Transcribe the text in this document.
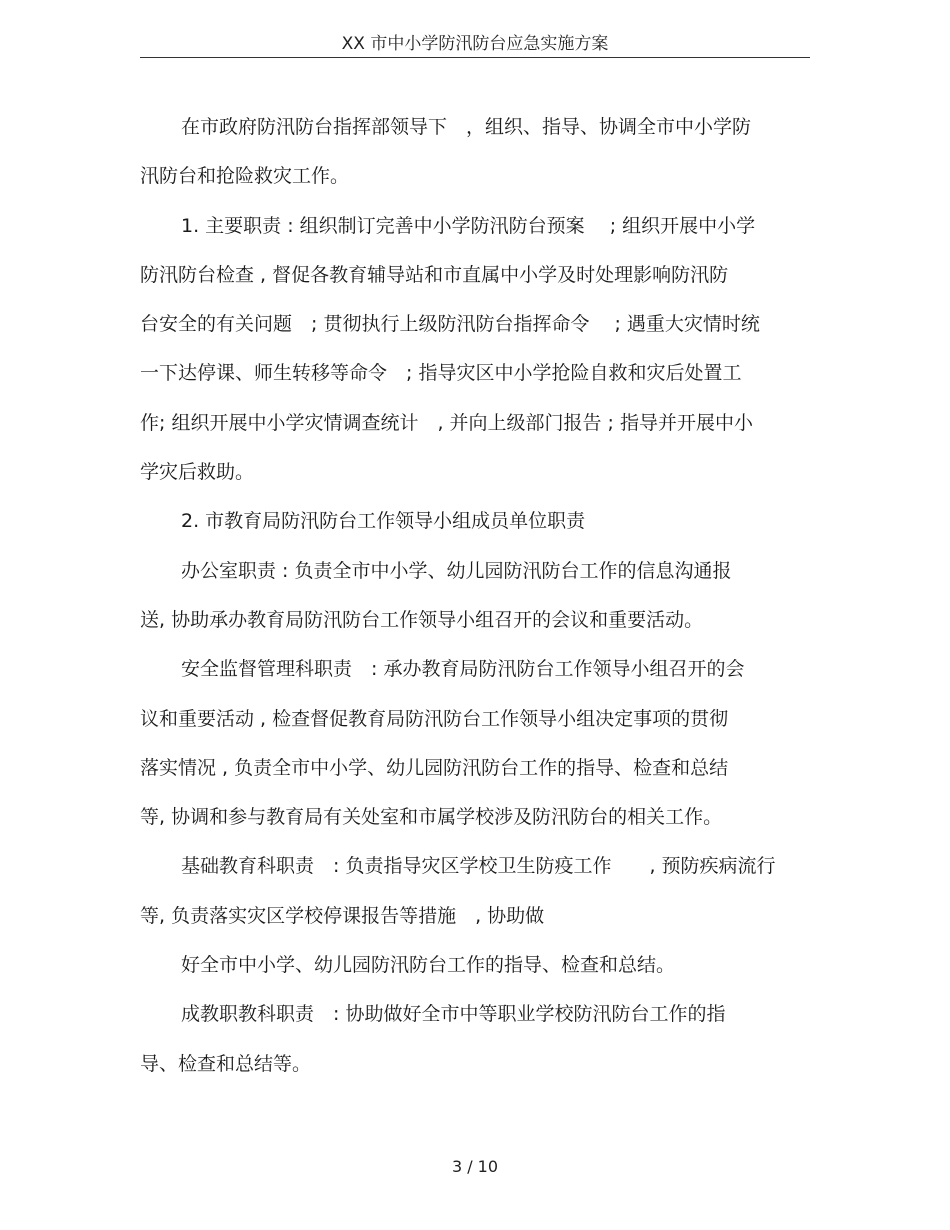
XX 市中小学防汛防台应急实施方案

在市政府防汛防台指挥部领导下　，组织、指导、协调全市中小学防

汛防台和抢险救灾工作。

1. 主要职责 : 组织制订完善中小学防汛防台预案　 ; 组织开展中小学

防汛防台检查 , 督促各教育辅导站和市直属中小学及时处理影响防汛防

台安全的有关问题　; 贯彻执行上级防汛防台指挥命令　 ; 遇重大灾情时统

一下达停课、师生转移等命令　; 指导灾区中小学抢险自救和灾后处置工

作; 组织开展中小学灾情调查统计　, 并向上级部门报告 ; 指导并开展中小

学灾后救助。

2. 市教育局防汛防台工作领导小组成员单位职责

办公室职责 : 负责全市中小学、幼儿园防汛防台工作的信息沟通报

送, 协助承办教育局防汛防台工作领导小组召开的会议和重要活动。

安全监督管理科职责　: 承办教育局防汛防台工作领导小组召开的会

议和重要活动 , 检查督促教育局防汛防台工作领导小组决定事项的贯彻

落实情况 , 负责全市中小学、幼儿园防汛防台工作的指导、检查和总结

等, 协调和参与教育局有关处室和市属学校涉及防汛防台的相关工作。

基础教育科职责　: 负责指导灾区学校卫生防疫工作　　, 预防疾病流行

等, 负责落实灾区学校停课报告等措施　, 协助做

好全市中小学、幼儿园防汛防台工作的指导、检查和总结。

成教职教科职责　: 协助做好全市中等职业学校防汛防台工作的指

导、检查和总结等。

3 / 10
